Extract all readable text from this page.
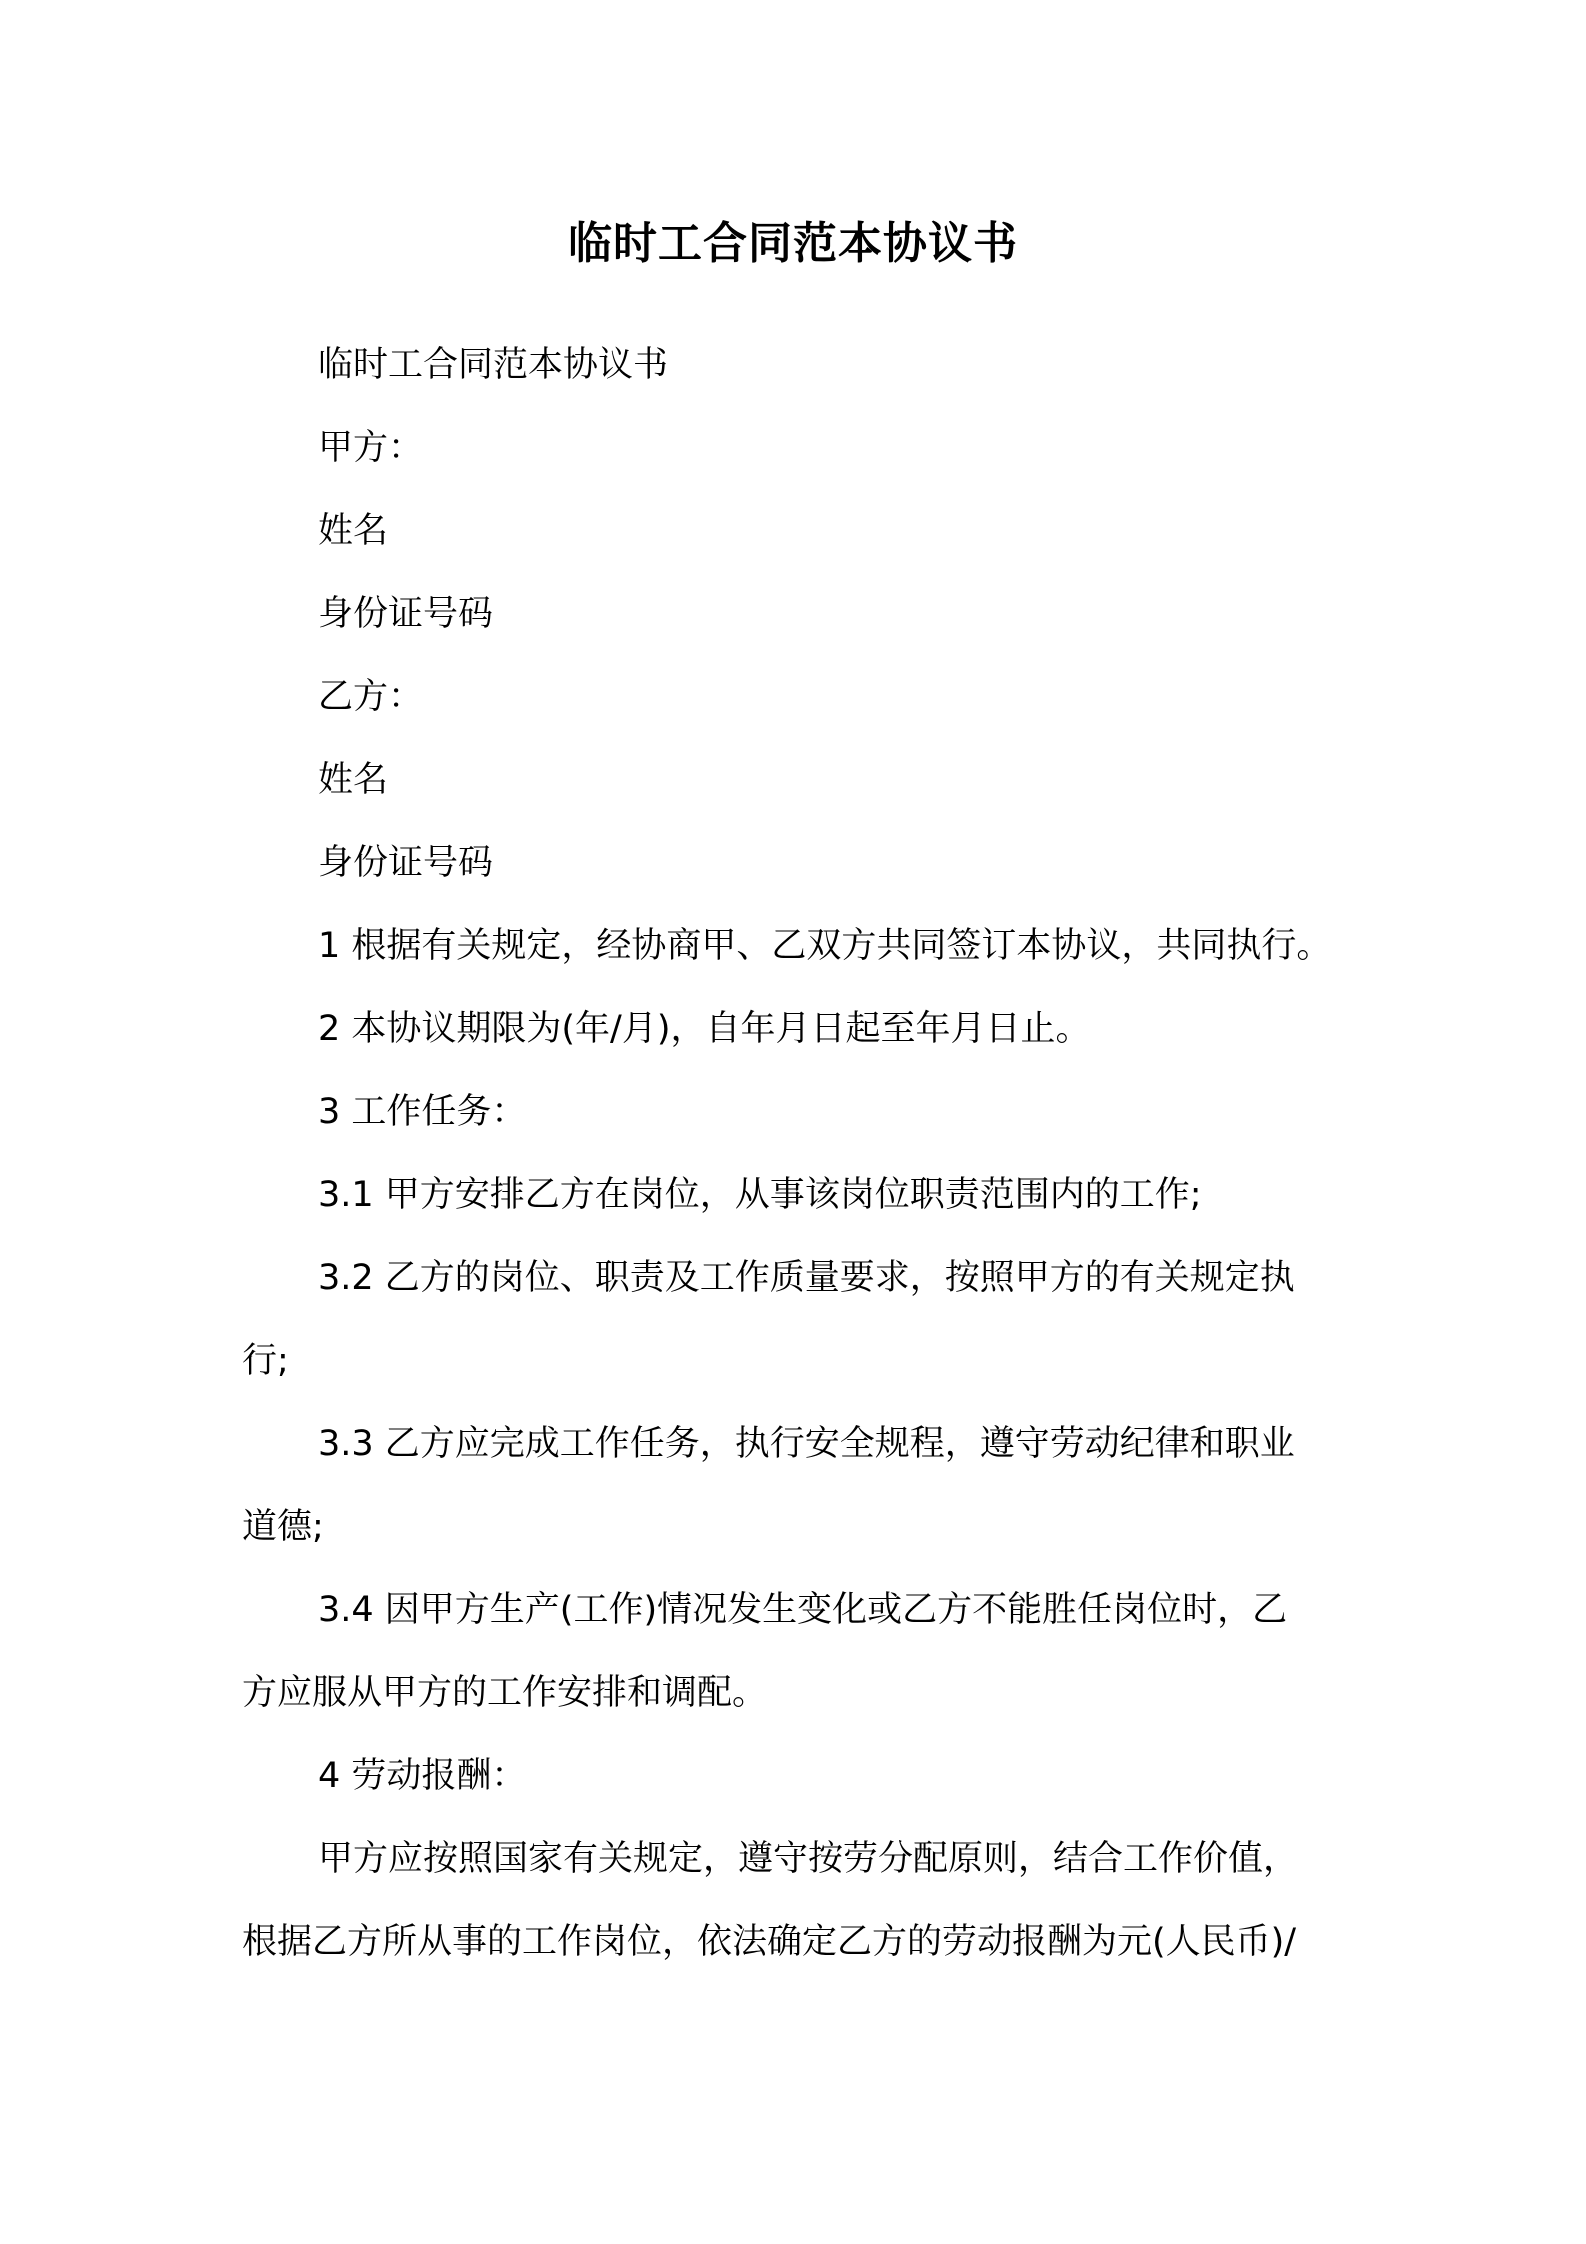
临时工合同范本协议书

临时工合同范本协议书

甲方：

姓名

身份证号码

乙方：

姓名

身份证号码

1 根据有关规定，经协商甲、乙双方共同签订本协议，共同执行。

2 本协议期限为(年/月)，自年月日起至年月日止。

3 工作任务：

3.1 甲方安排乙方在岗位，从事该岗位职责范围内的工作;

3.2 乙方的岗位、职责及工作质量要求，按照甲方的有关规定执

行;

3.3 乙方应完成工作任务，执行安全规程，遵守劳动纪律和职业

道德;

3.4 因甲方生产(工作)情况发生变化或乙方不能胜任岗位时，乙

方应服从甲方的工作安排和调配。

4 劳动报酬：

甲方应按照国家有关规定，遵守按劳分配原则，结合工作价值，

根据乙方所从事的工作岗位，依法确定乙方的劳动报酬为元(人民币)/
